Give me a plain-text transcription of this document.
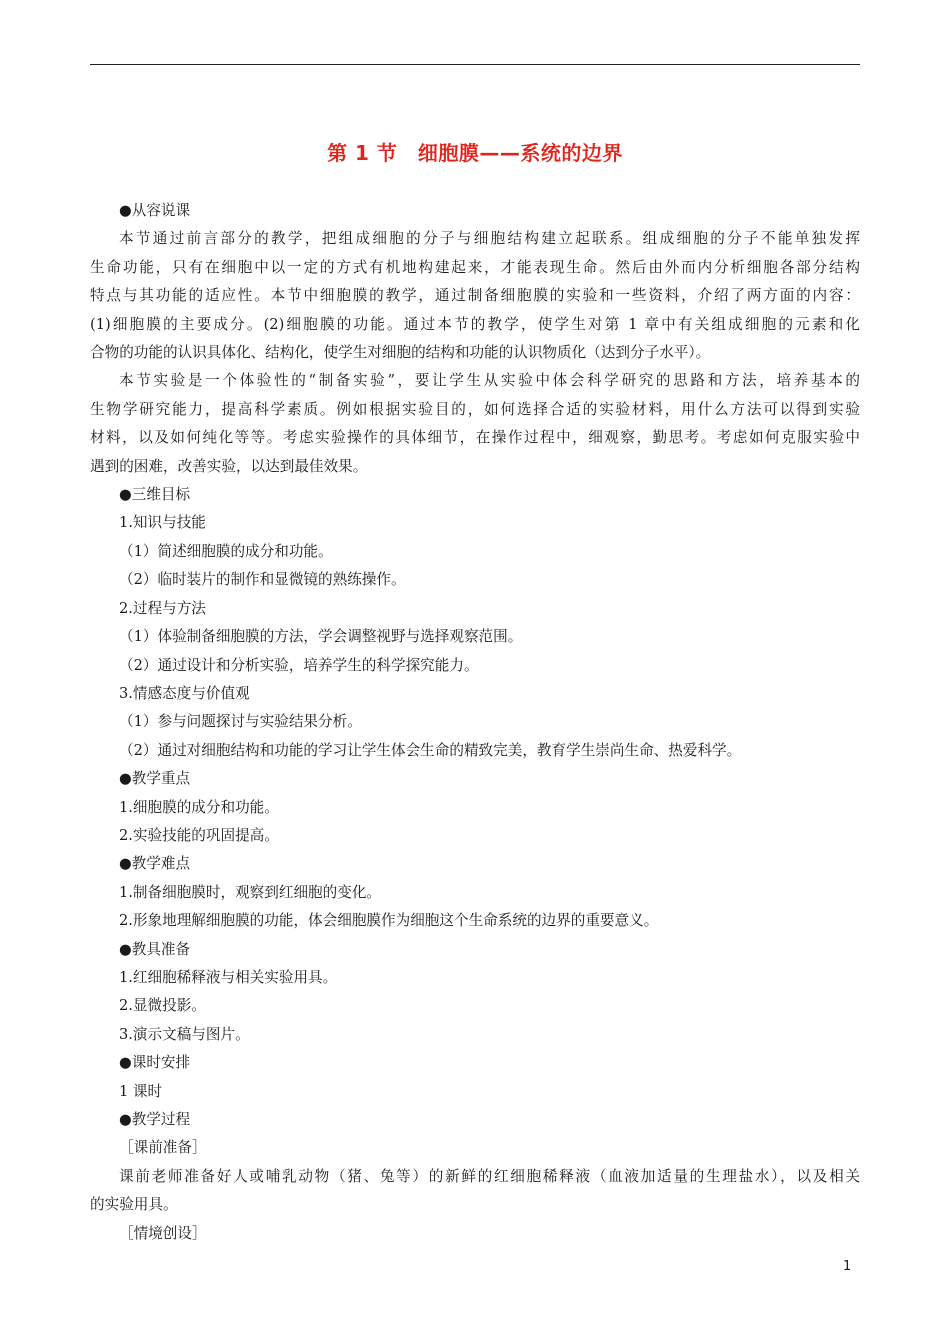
第 1 节　细胞膜——系统的边界
●从容说课
本节通过前言部分的教学，把组成细胞的分子与细胞结构建立起联系。组成细胞的分子不能单独发挥
生命功能，只有在细胞中以一定的方式有机地构建起来，才能表现生命。然后由外而内分析细胞各部分结构
特点与其功能的适应性。本节中细胞膜的教学，通过制备细胞膜的实验和一些资料，介绍了两方面的内容：
(1)细胞膜的主要成分。(2)细胞膜的功能。通过本节的教学，使学生对第 1 章中有关组成细胞的元素和化
合物的功能的认识具体化、结构化，使学生对细胞的结构和功能的认识物质化（达到分子水平）。
本节实验是一个体验性的“制备实验”，要让学生从实验中体会科学研究的思路和方法，培养基本的
生物学研究能力，提高科学素质。例如根据实验目的，如何选择合适的实验材料，用什么方法可以得到实验
材料，以及如何纯化等等。考虑实验操作的具体细节，在操作过程中，细观察，勤思考。考虑如何克服实验中
遇到的困难，改善实验，以达到最佳效果。
●三维目标
1.知识与技能
（1）简述细胞膜的成分和功能。
（2）临时装片的制作和显微镜的熟练操作。
2.过程与方法
（1）体验制备细胞膜的方法，学会调整视野与选择观察范围。
（2）通过设计和分析实验，培养学生的科学探究能力。
3.情感态度与价值观
（1）参与问题探讨与实验结果分析。
（2）通过对细胞结构和功能的学习让学生体会生命的精致完美，教育学生崇尚生命、热爱科学。
●教学重点
1.细胞膜的成分和功能。
2.实验技能的巩固提高。
●教学难点
1.制备细胞膜时，观察到红细胞的变化。
2.形象地理解细胞膜的功能，体会细胞膜作为细胞这个生命系统的边界的重要意义。
●教具准备
1.红细胞稀释液与相关实验用具。
2.显微投影。
3.演示文稿与图片。
●课时安排
1 课时
●教学过程
［课前准备］
课前老师准备好人或哺乳动物（猪、兔等）的新鲜的红细胞稀释液（血液加适量的生理盐水），以及相关
的实验用具。
［情境创设］
1
